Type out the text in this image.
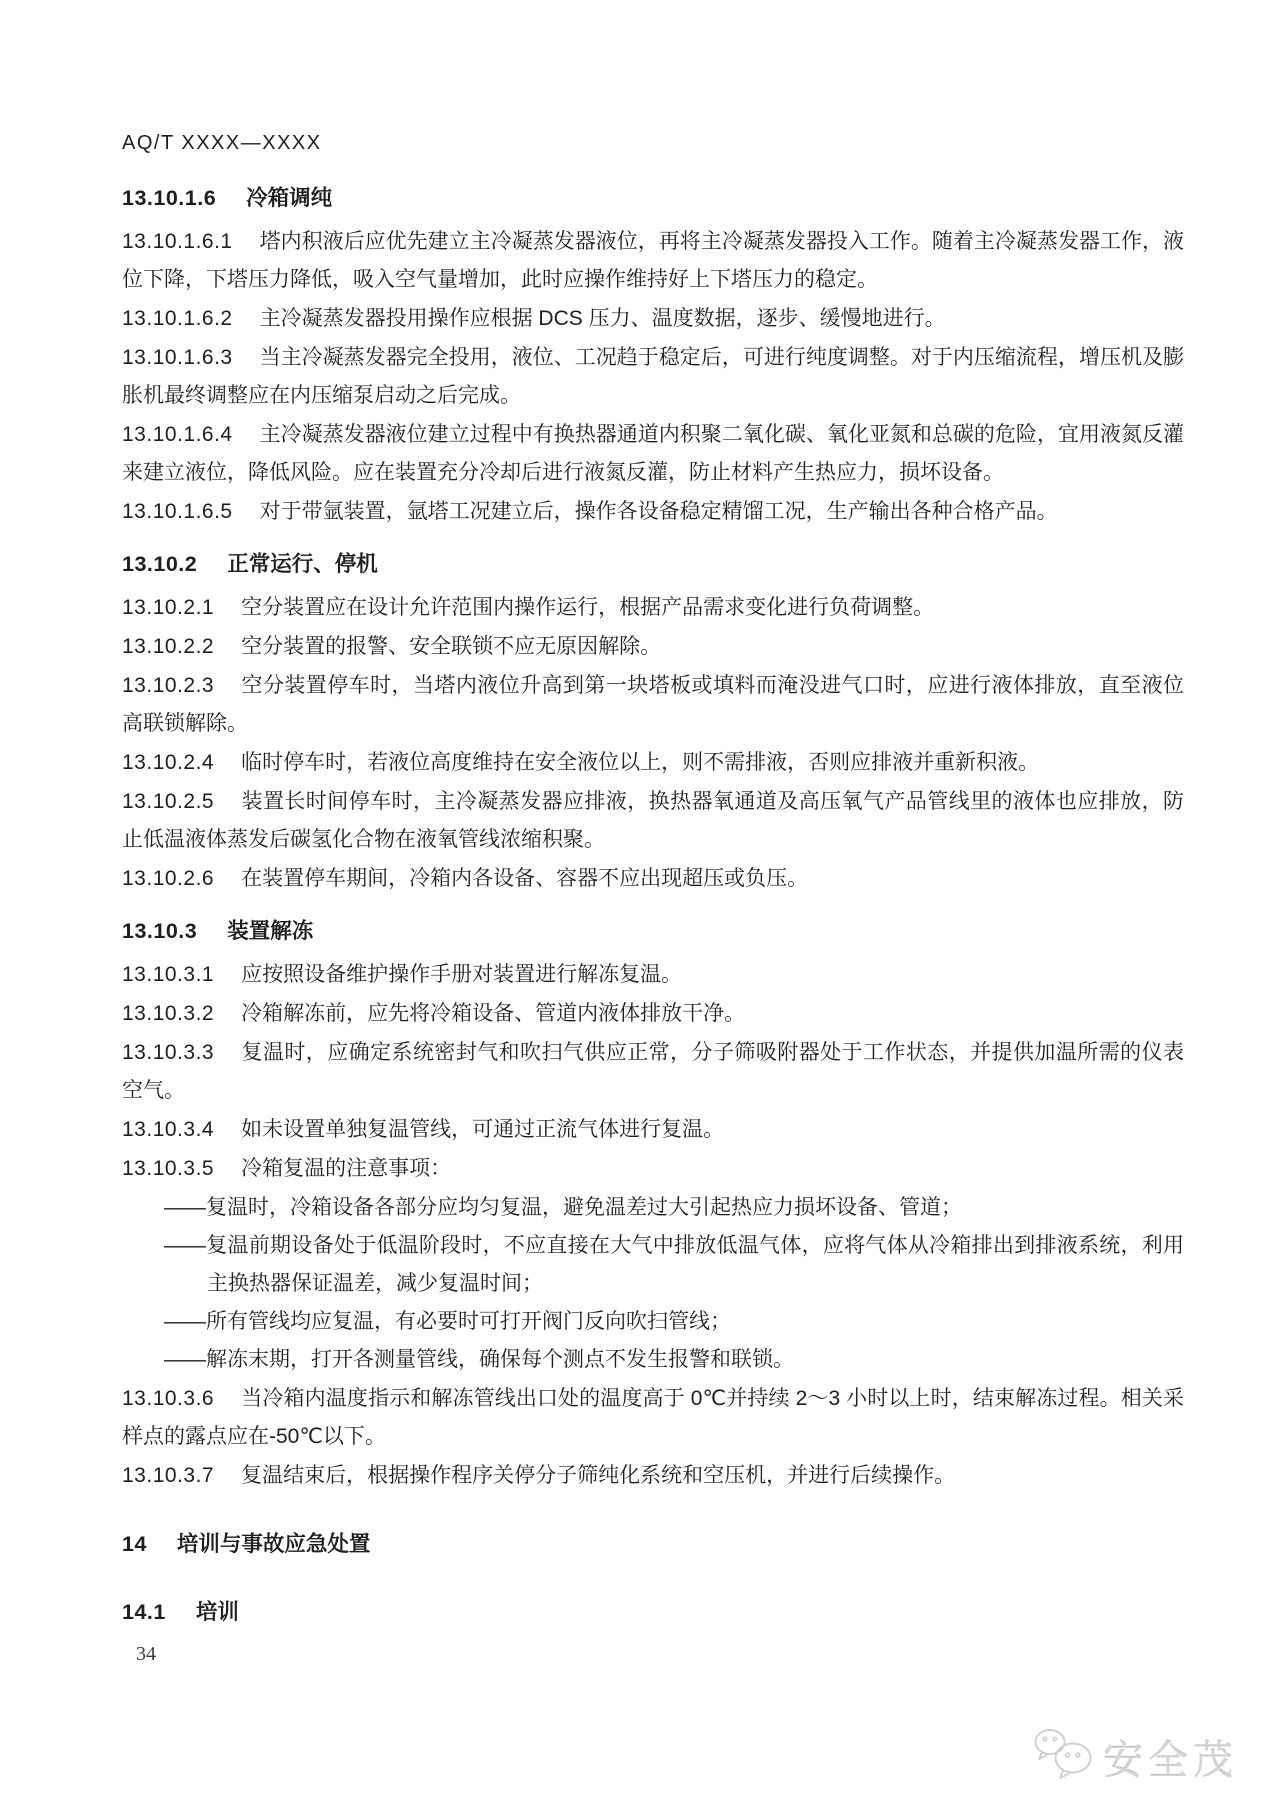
AQ/T XXXX—XXXX
13.10.1.6 冷箱调纯

13.10.1.6.1 塔内积液后应优先建立主冷凝蒸发器液位，再将主冷凝蒸发器投入工作。随着主冷凝蒸发器工作，液位下降，下塔压力降低，吸入空气量增加，此时应操作维持好上下塔压力的稳定。

13.10.1.6.2 主冷凝蒸发器投用操作应根据 DCS 压力、温度数据，逐步、缓慢地进行。

13.10.1.6.3 当主冷凝蒸发器完全投用，液位、工况趋于稳定后，可进行纯度调整。对于内压缩流程，增压机及膨胀机最终调整应在内压缩泵启动之后完成。

13.10.1.6.4 主冷凝蒸发器液位建立过程中有换热器通道内积聚二氧化碳、氧化亚氮和总碳的危险，宜用液氮反灌来建立液位，降低风险。应在装置充分冷却后进行液氮反灌，防止材料产生热应力，损坏设备。

13.10.1.6.5 对于带氩装置，氩塔工况建立后，操作各设备稳定精馏工况，生产输出各种合格产品。

13.10.2 正常运行、停机

13.10.2.1 空分装置应在设计允许范围内操作运行，根据产品需求变化进行负荷调整。

13.10.2.2 空分装置的报警、安全联锁不应无原因解除。

13.10.2.3 空分装置停车时，当塔内液位升高到第一块塔板或填料而淹没进气口时，应进行液体排放，直至液位高联锁解除。

13.10.2.4 临时停车时，若液位高度维持在安全液位以上，则不需排液，否则应排液并重新积液。

13.10.2.5 装置长时间停车时，主冷凝蒸发器应排液，换热器氧通道及高压氧气产品管线里的液体也应排放，防止低温液体蒸发后碳氢化合物在液氧管线浓缩积聚。

13.10.2.6 在装置停车期间，冷箱内各设备、容器不应出现超压或负压。

13.10.3 装置解冻

13.10.3.1 应按照设备维护操作手册对装置进行解冻复温。

13.10.3.2 冷箱解冻前，应先将冷箱设备、管道内液体排放干净。

13.10.3.3 复温时，应确定系统密封气和吹扫气供应正常，分子筛吸附器处于工作状态，并提供加温所需的仪表空气。

13.10.3.4 如未设置单独复温管线，可通过正流气体进行复温。

13.10.3.5 冷箱复温的注意事项：

——复温时，冷箱设备各部分应均匀复温，避免温差过大引起热应力损坏设备、管道；

——复温前期设备处于低温阶段时，不应直接在大气中排放低温气体，应将气体从冷箱排出到排液系统，利用主换热器保证温差，减少复温时间；

——所有管线均应复温，有必要时可打开阀门反向吹扫管线；

——解冻末期，打开各测量管线，确保每个测点不发生报警和联锁。

13.10.3.6 当冷箱内温度指示和解冻管线出口处的温度高于 0℃并持续 2～3 小时以上时，结束解冻过程。相关采样点的露点应在-50℃以下。

13.10.3.7 复温结束后，根据操作程序关停分子筛纯化系统和空压机，并进行后续操作。

14 培训与事故应急处置
14.1 培训
34
安全茂
